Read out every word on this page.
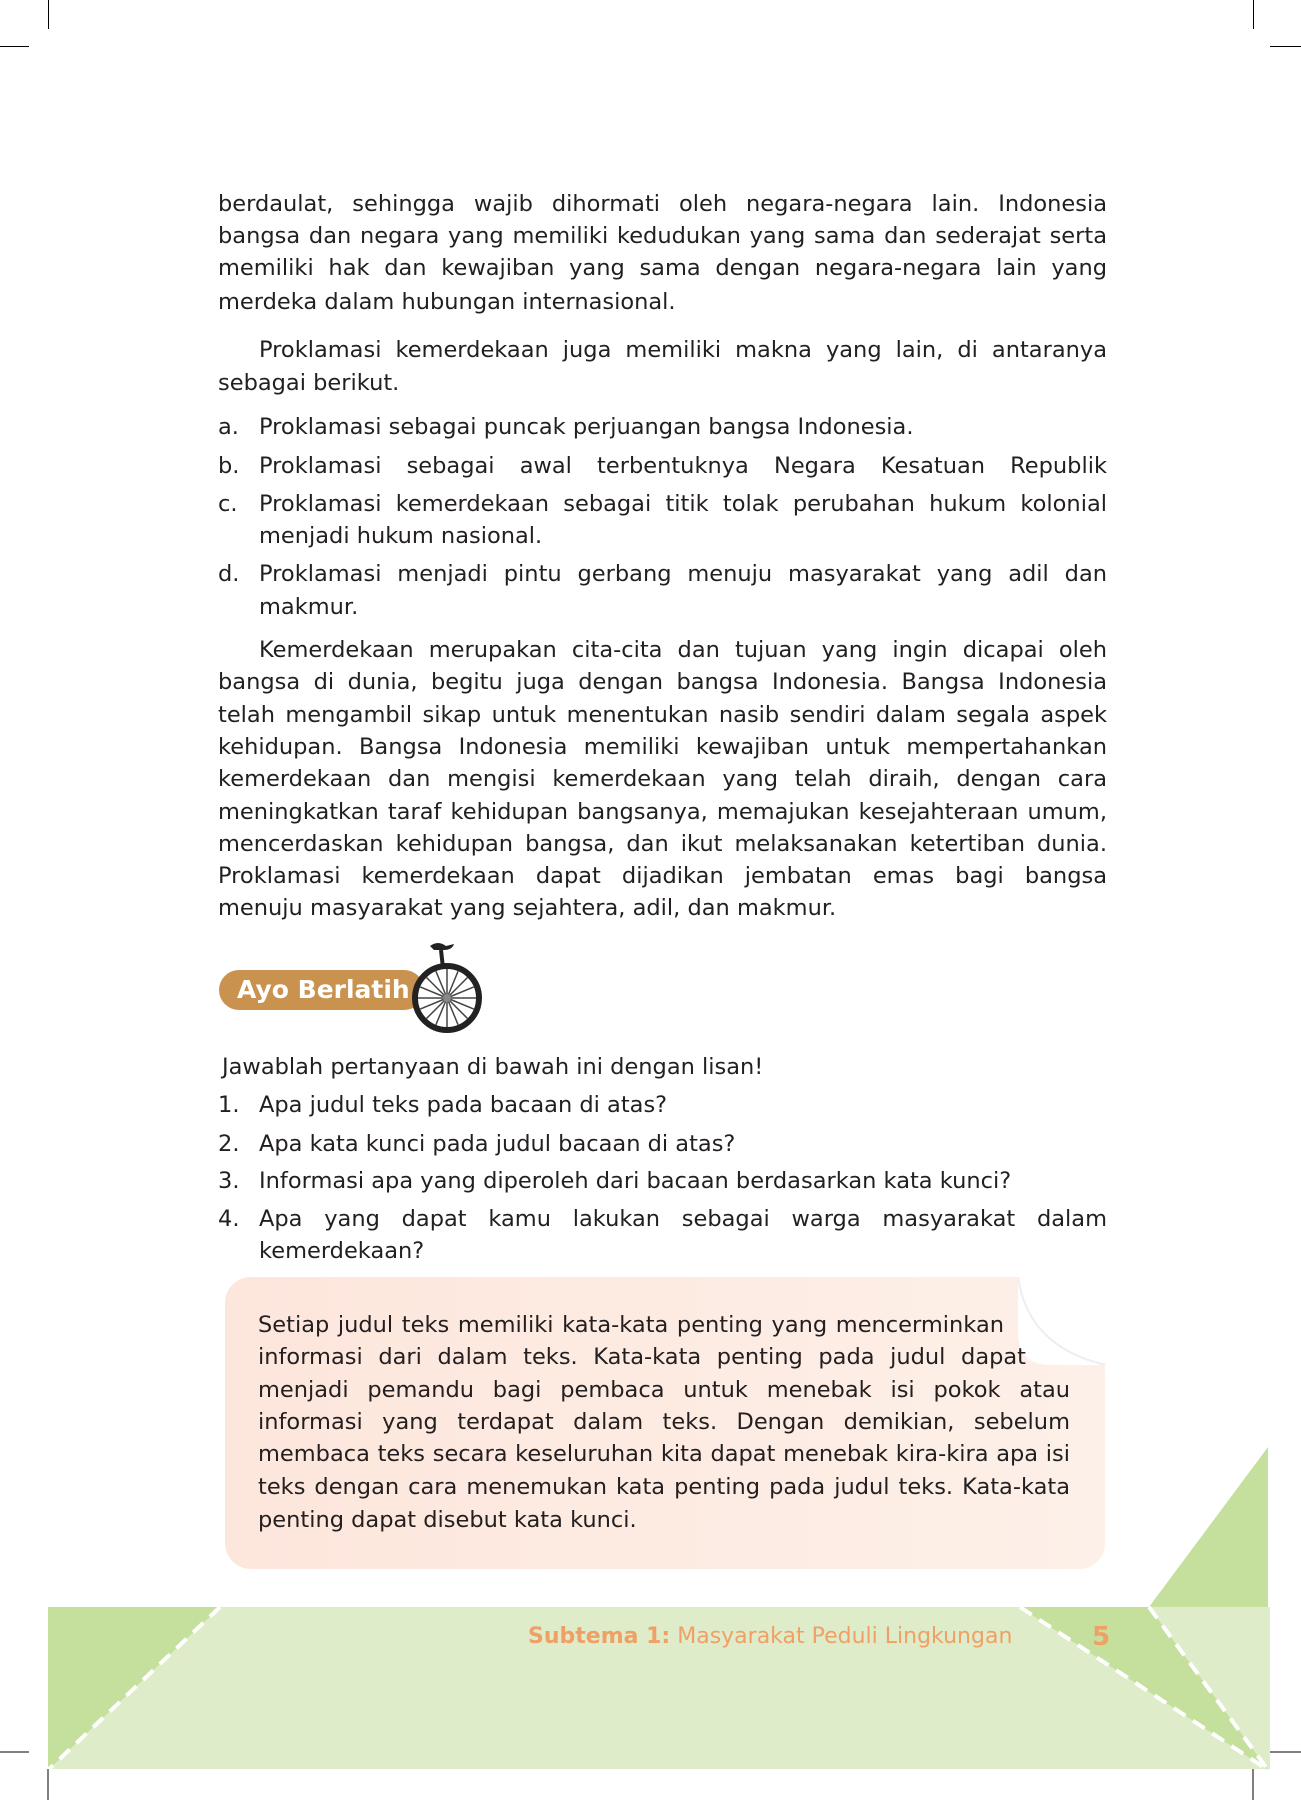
Subtema 1: Masyarakat Peduli Lingkungan	5
Ayo Berlatih
berdaulat, sehingga wajib dihormati oleh negara-negara lain. Indonesia
bangsa dan negara yang memiliki kedudukan yang sama dan sederajat serta
memiliki hak dan kewajiban yang sama dengan negara-negara lain yang
merdeka dalam hubungan internasional.
Proklamasi kemerdekaan juga memiliki makna yang lain, di antaranya
sebagai berikut.
a. Proklamasi sebagai puncak perjuangan bangsa Indonesia.
b. Proklamasi sebagai awal terbentuknya Negara Kesatuan Republik
c. Proklamasi kemerdekaan sebagai titik tolak perubahan hukum kolonial
menjadi hukum nasional.
d. Proklamasi menjadi pintu gerbang menuju masyarakat yang adil dan
makmur.
Kemerdekaan merupakan cita-cita dan tujuan yang ingin dicapai oleh
bangsa di dunia, begitu juga dengan bangsa Indonesia. Bangsa Indonesia
telah mengambil sikap untuk menentukan nasib sendiri dalam segala aspek
kehidupan. Bangsa Indonesia memiliki kewajiban untuk mempertahankan
kemerdekaan dan mengisi kemerdekaan yang telah diraih, dengan cara
meningkatkan taraf kehidupan bangsanya, memajukan kesejahteraan umum,
mencerdaskan kehidupan bangsa, dan ikut melaksanakan ketertiban dunia.
Proklamasi kemerdekaan dapat dijadikan jembatan emas bagi bangsa
menuju masyarakat yang sejahtera, adil, dan makmur.
Jawablah pertanyaan di bawah ini dengan lisan!
1. Apa judul teks pada bacaan di atas?
2. Apa kata kunci pada judul bacaan di atas?
3. Informasi apa yang diperoleh dari bacaan berdasarkan kata kunci?
4. Apa yang dapat kamu lakukan sebagai warga masyarakat dalam
kemerdekaan?
Setiap judul teks memiliki kata-kata penting yang mencerminkan
informasi dari dalam teks. Kata-kata penting pada judul dapat
menjadi pemandu bagi pembaca untuk menebak isi pokok atau
informasi yang terdapat dalam teks. Dengan demikian, sebelum
membaca teks secara keseluruhan kita dapat menebak kira-kira apa isi
teks dengan cara menemukan kata penting pada judul teks. Kata-kata
penting dapat disebut kata kunci.
